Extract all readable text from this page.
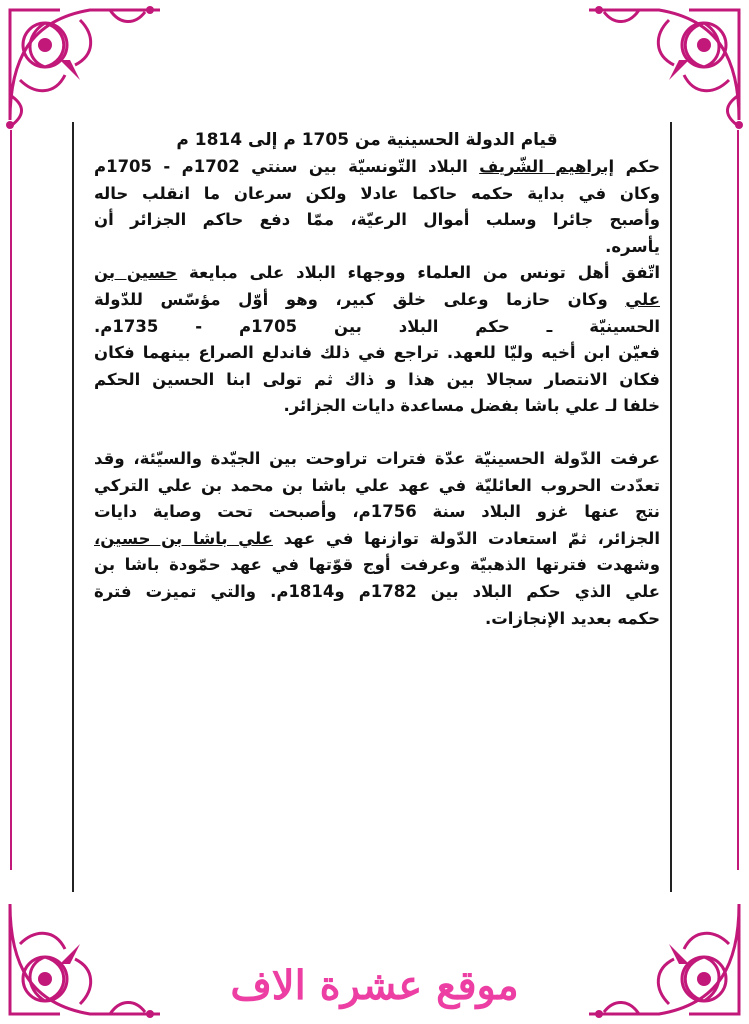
قيام الدولة الحسينية من 1705 م إلى 1814 م
حكم إبراهيم الشّريف البلاد التّونسيّة بين سنتي 1702م - 1705م
وكان في بداية حكمه حاكما عادلا ولكن سرعان ما انقلب حاله
وأصبح جائرا وسلب أموال الرعيّة، ممّا دفع حاكم الجزائر أن
يأسره.
اتّفق أهل تونس من العلماء ووجهاء البلاد على مبايعة حسين بن
علي وكان حازما وعلى خلق كبير، وهو أوّل مؤسّس للدّولة
الحسينيّة ـ حكم البلاد بين 1705م - 1735م.
فعيّن ابن أخيه وليّا للعهد. تراجع في ذلك فاندلع الصراع بينهما فكان
فكان الانتصار سجالا بين هذا و ذاك ثم تولى ابنا الحسين الحكم
خلفا لـ علي باشا بفضل مساعدة دايات الجزائر.
عرفت الدّولة الحسينيّة عدّة فترات تراوحت بين الجيّدة والسيّئة، وقد
تعدّدت الحروب العائليّة في عهد علي باشا بن محمد بن علي التركي
نتج عنها غزو البلاد سنة 1756م، وأصبحت تحت وصاية دايات
الجزائر، ثمّ استعادت الدّولة توازنها في عهد علي باشا بن حسين،
وشهدت فترتها الذهبيّة وعرفت أوج قوّتها في عهد حمّودة باشا بن
علي الذي حكم البلاد بين 1782م و1814م. والتي تميزت فترة
حكمه بعديد الإنجازات.
موقع عشرة الاف
